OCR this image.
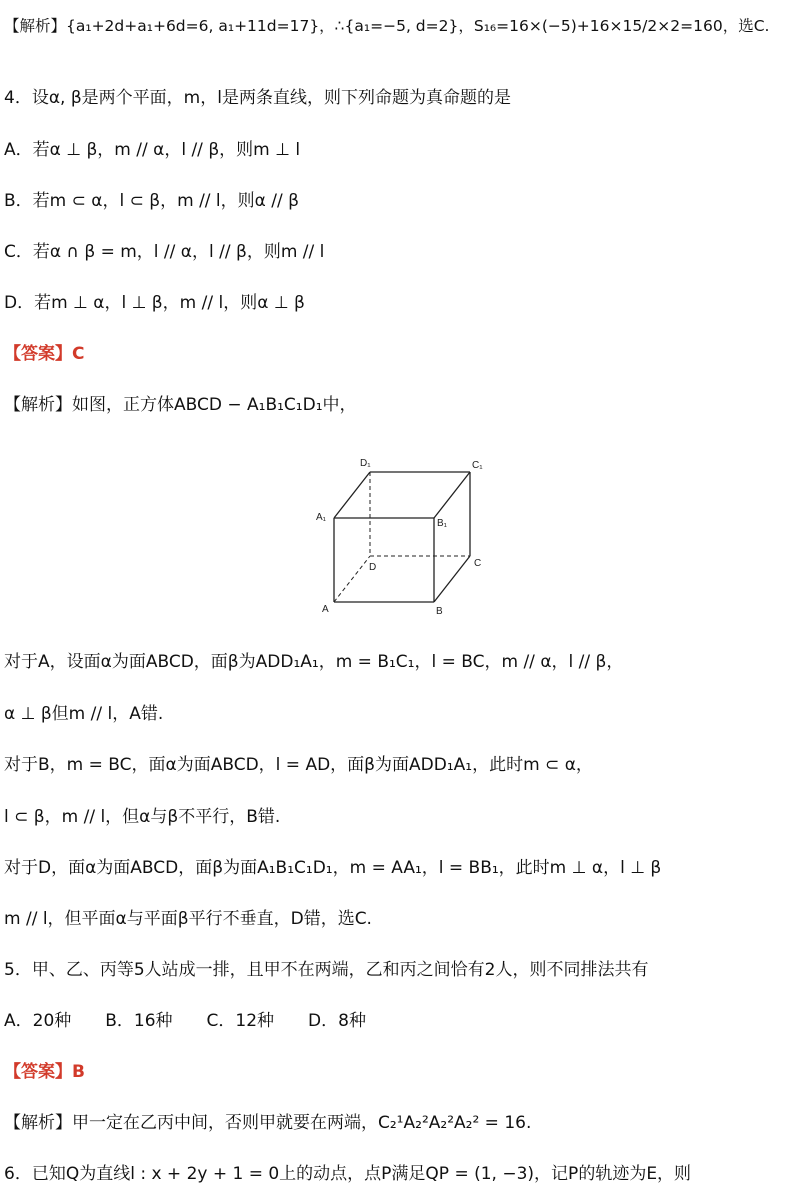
【解析】{a₁+2d+a₁+6d=6, a₁+11d=17}，∴{a₁=−5, d=2}，S₁₆=16×(−5)+16×15/2×2=160，选C.
4．设α, β是两个平面，m，l是两条直线，则下列命题为真命题的是
A．若α ⊥ β，m // α，l // β，则m ⊥ l
B．若m ⊂ α，l ⊂ β，m // l，则α // β
C．若α ∩ β = m，l // α，l // β，则m // l
D．若m ⊥ α，l ⊥ β，m // l，则α ⊥ β
【答案】C
【解析】如图，正方体ABCD − A₁B₁C₁D₁中，
D₁	C₁
A₁
B₁
D	C
A	B
对于A，设面α为面ABCD，面β为ADD₁A₁，m = B₁C₁，l = BC，m // α，l // β，
α ⊥ β但m // l，A错.
对于B，m = BC，面α为面ABCD，l = AD，面β为面ADD₁A₁，此时m ⊂ α，
l ⊂ β，m // l，但α与β不平行，B错.
对于D，面α为面ABCD，面β为面A₁B₁C₁D₁，m = AA₁，l = BB₁，此时m ⊥ α，l ⊥ β
m // l，但平面α与平面β平行不垂直，D错，选C.
5．甲、乙、丙等5人站成一排，且甲不在两端，乙和丙之间恰有2人，则不同排法共有
A．20种　　B．16种　　C．12种　　D．8种
【答案】B
【解析】甲一定在乙丙中间，否则甲就要在两端，C₂¹A₂²A₂²A₂² = 16.
6．已知Q为直线l : x + 2y + 1 = 0上的动点，点P满足QP = (1, −3)，记P的轨迹为E，则
